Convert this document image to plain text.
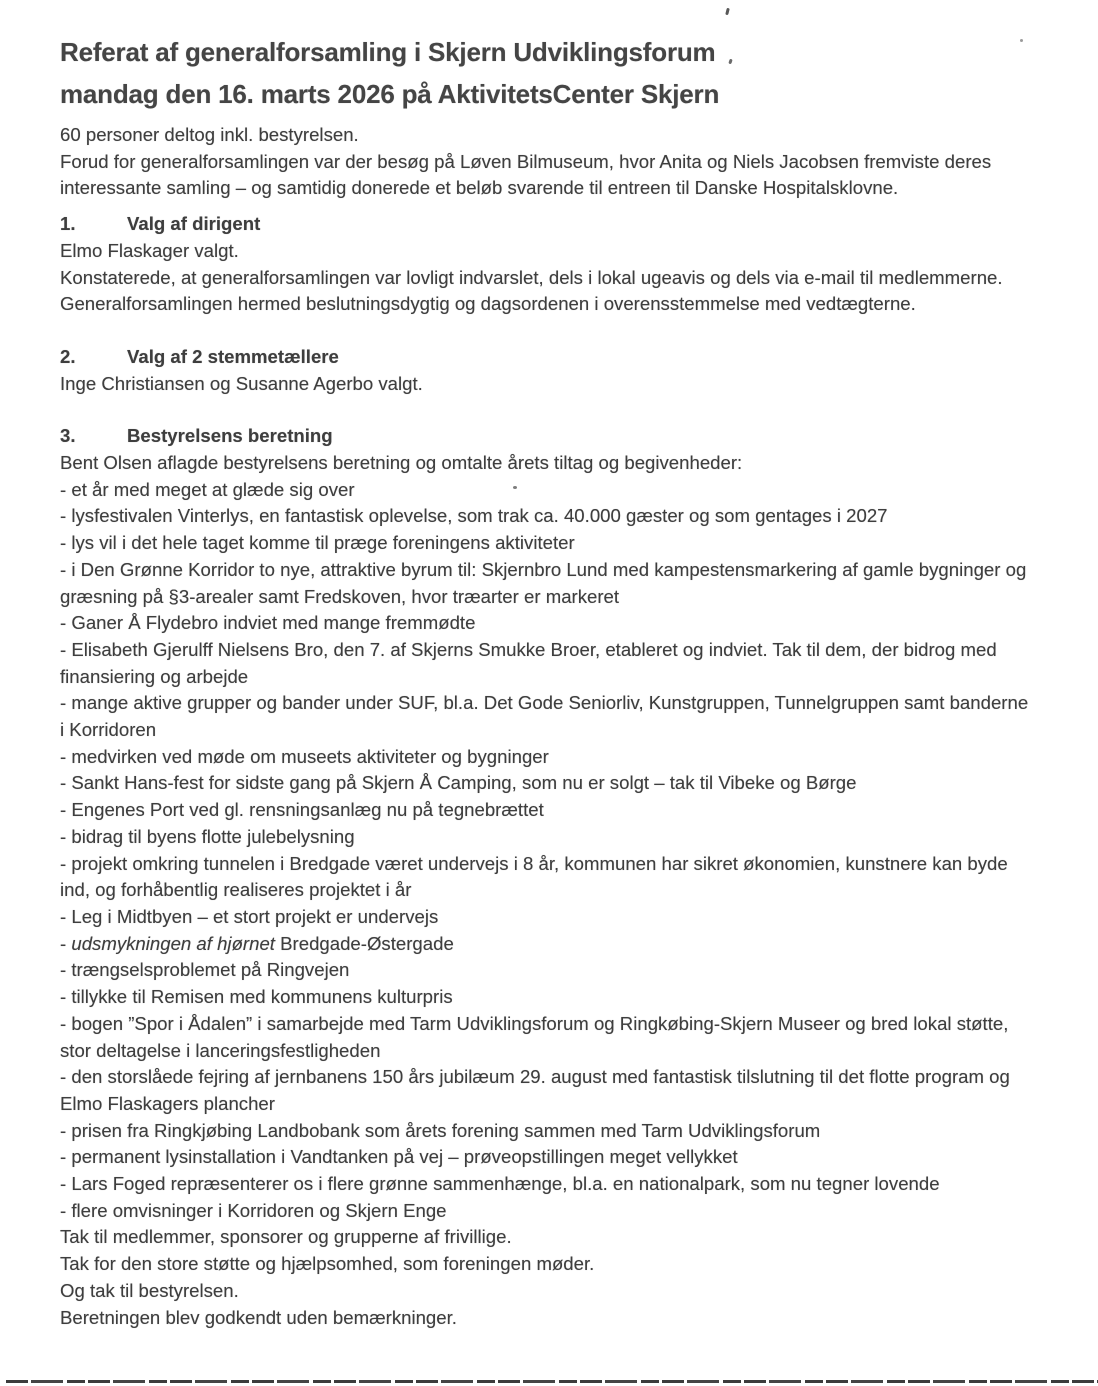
Referat af generalforsamling i Skjern Udviklingsforum
mandag den 16. marts 2026 på AktivitetsCenter Skjern
60 personer deltog inkl. bestyrelsen.
Forud for generalforsamlingen var der besøg på Løven Bilmuseum, hvor Anita og Niels Jacobsen fremviste deres
interessante samling – og samtidig donerede et beløb svarende til entreen til Danske Hospitalsklovne.
1.	Valg af dirigent
Elmo Flaskager valgt.
Konstaterede, at generalforsamlingen var lovligt indvarslet, dels i lokal ugeavis og dels via e-mail til medlemmerne.
Generalforsamlingen hermed beslutningsdygtig og dagsordenen i overensstemmelse med vedtægterne.
2.	Valg af 2 stemmetællere
Inge Christiansen og Susanne Agerbo valgt.
3.	Bestyrelsens beretning
Bent Olsen aflagde bestyrelsens beretning og omtalte årets tiltag og begivenheder:
- et år med meget at glæde sig over
- lysfestivalen Vinterlys, en fantastisk oplevelse, som trak ca. 40.000 gæster og som gentages i 2027
- lys vil i det hele taget komme til præge foreningens aktiviteter
- i Den Grønne Korridor to nye, attraktive byrum til: Skjernbro Lund med kampestensmarkering af gamle bygninger og
græsning på §3-arealer samt Fredskoven, hvor træarter er markeret
- Ganer Å Flydebro indviet med mange fremmødte
- Elisabeth Gjerulff Nielsens Bro, den 7. af Skjerns Smukke Broer, etableret og indviet. Tak til dem, der bidrog med
finansiering og arbejde
- mange aktive grupper og bander under SUF, bl.a. Det Gode Seniorliv, Kunstgruppen, Tunnelgruppen samt banderne
i Korridoren
- medvirken ved møde om museets aktiviteter og bygninger
- Sankt Hans-fest for sidste gang på Skjern Å Camping, som nu er solgt – tak til Vibeke og Børge
- Engenes Port ved gl. rensningsanlæg nu på tegnebrættet
- bidrag til byens flotte julebelysning
- projekt omkring tunnelen i Bredgade været undervejs i 8 år, kommunen har sikret økonomien, kunstnere kan byde
ind, og forhåbentlig realiseres projektet i år
- Leg i Midtbyen – et stort projekt er undervejs
- udsmykningen af hjørnet Bredgade-Østergade
- trængselsproblemet på Ringvejen
- tillykke til Remisen med kommunens kulturpris
- bogen ”Spor i Ådalen” i samarbejde med Tarm Udviklingsforum og Ringkøbing-Skjern Museer og bred lokal støtte,
stor deltagelse i lanceringsfestligheden
- den storslåede fejring af jernbanens 150 års jubilæum 29. august med fantastisk tilslutning til det flotte program og
Elmo Flaskagers plancher
- prisen fra Ringkjøbing Landbobank som årets forening sammen med Tarm Udviklingsforum
- permanent lysinstallation i Vandtanken på vej – prøveopstillingen meget vellykket
- Lars Foged repræsenterer os i flere grønne sammenhænge, bl.a. en nationalpark, som nu tegner lovende
- flere omvisninger i Korridoren og Skjern Enge
Tak til medlemmer, sponsorer og grupperne af frivillige.
Tak for den store støtte og hjælpsomhed, som foreningen møder.
Og tak til bestyrelsen.
Beretningen blev godkendt uden bemærkninger.
